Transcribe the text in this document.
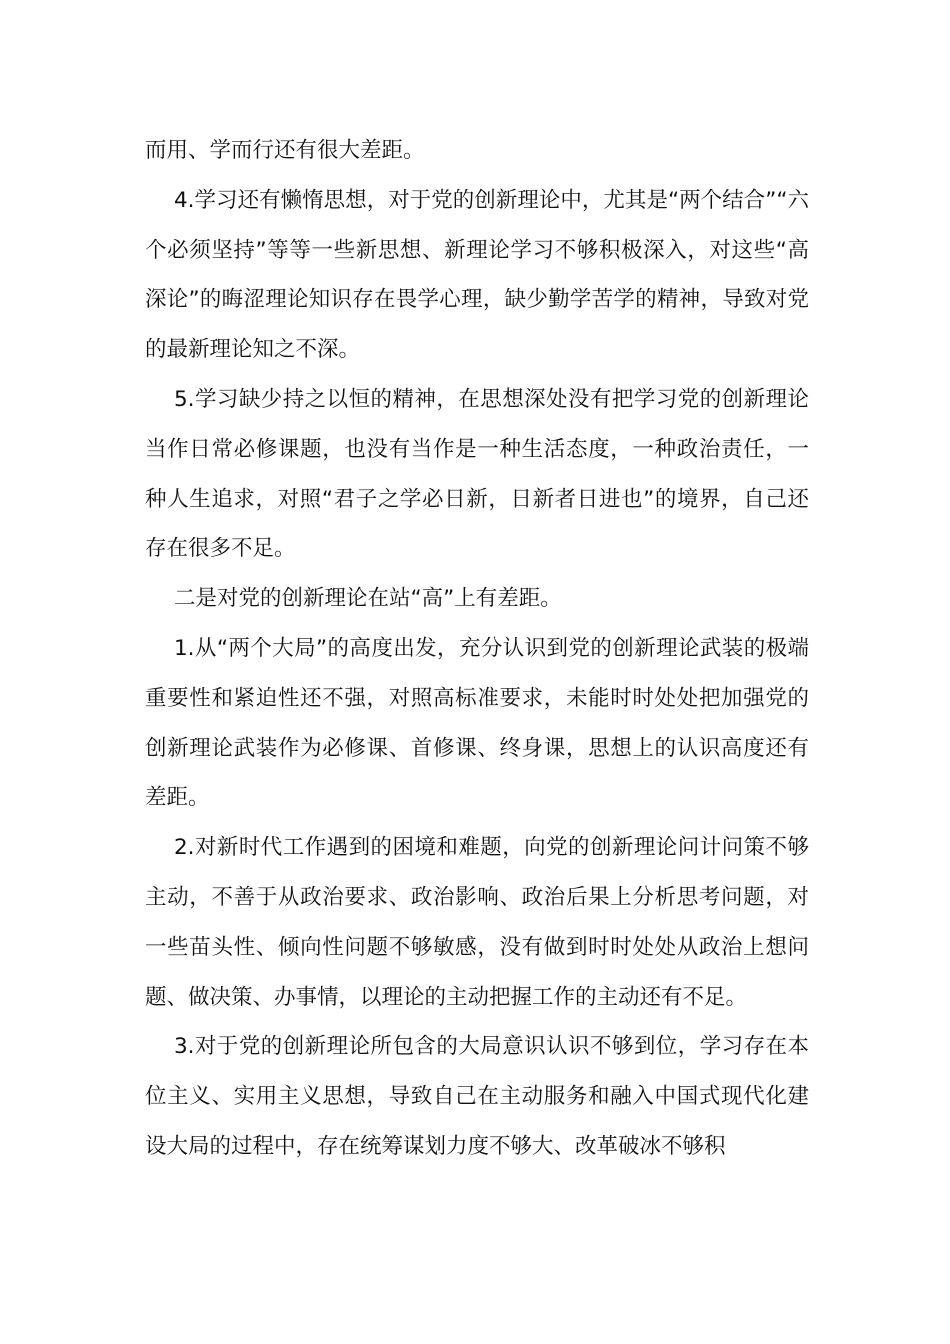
而用、学而行还有很大差距。

4.学习还有懒惰思想，对于党的创新理论中，尤其是“两个结合”“六个必须坚持”等等一些新思想、新理论学习不够积极深入，对这些“高深论”的晦涩理论知识存在畏学心理，缺少勤学苦学的精神，导致对党的最新理论知之不深。

5.学习缺少持之以恒的精神，在思想深处没有把学习党的创新理论当作日常必修课题，也没有当作是一种生活态度，一种政治责任，一种人生追求，对照“君子之学必日新，日新者日进也”的境界，自己还存在很多不足。

二是对党的创新理论在站“高”上有差距。

1.从“两个大局”的高度出发，充分认识到党的创新理论武装的极端重要性和紧迫性还不强，对照高标准要求，未能时时处处把加强党的创新理论武装作为必修课、首修课、终身课，思想上的认识高度还有差距。

2.对新时代工作遇到的困境和难题，向党的创新理论问计问策不够主动，不善于从政治要求、政治影响、政治后果上分析思考问题，对一些苗头性、倾向性问题不够敏感，没有做到时时处处从政治上想问题、做决策、办事情，以理论的主动把握工作的主动还有不足。

3.对于党的创新理论所包含的大局意识认识不够到位，学习存在本位主义、实用主义思想，导致自己在主动服务和融入中国式现代化建设大局的过程中，存在统筹谋划力度不够大、改革破冰不够积
